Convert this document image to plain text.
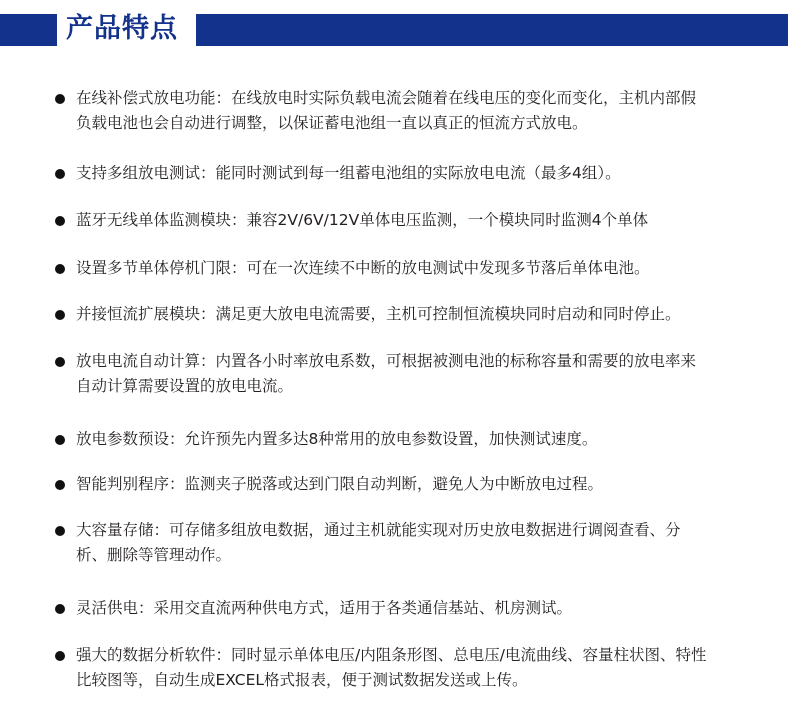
产品特点
在线补偿式放电功能：在线放电时实际负载电流会随着在线电压的变化而变化，主机内部假
负载电池也会自动进行调整，以保证蓄电池组一直以真正的恒流方式放电。
支持多组放电测试：能同时测试到每一组蓄电池组的实际放电电流（最多4组）。
蓝牙无线单体监测模块：兼容2V/6V/12V单体电压监测，一个模块同时监测4个单体
设置多节单体停机门限：可在一次连续不中断的放电测试中发现多节落后单体电池。
并接恒流扩展模块：满足更大放电电流需要，主机可控制恒流模块同时启动和同时停止。
放电电流自动计算：内置各小时率放电系数，可根据被测电池的标称容量和需要的放电率来
自动计算需要设置的放电电流。
放电参数预设：允许预先内置多达8种常用的放电参数设置，加快测试速度。
智能判别程序：监测夹子脱落或达到门限自动判断，避免人为中断放电过程。
大容量存储：可存储多组放电数据，通过主机就能实现对历史放电数据进行调阅查看、分
析、删除等管理动作。
灵活供电：采用交直流两种供电方式，适用于各类通信基站、机房测试。
强大的数据分析软件：同时显示单体电压/内阻条形图、总电压/电流曲线、容量柱状图、特性
比较图等，自动生成EXCEL格式报表，便于测试数据发送或上传。
